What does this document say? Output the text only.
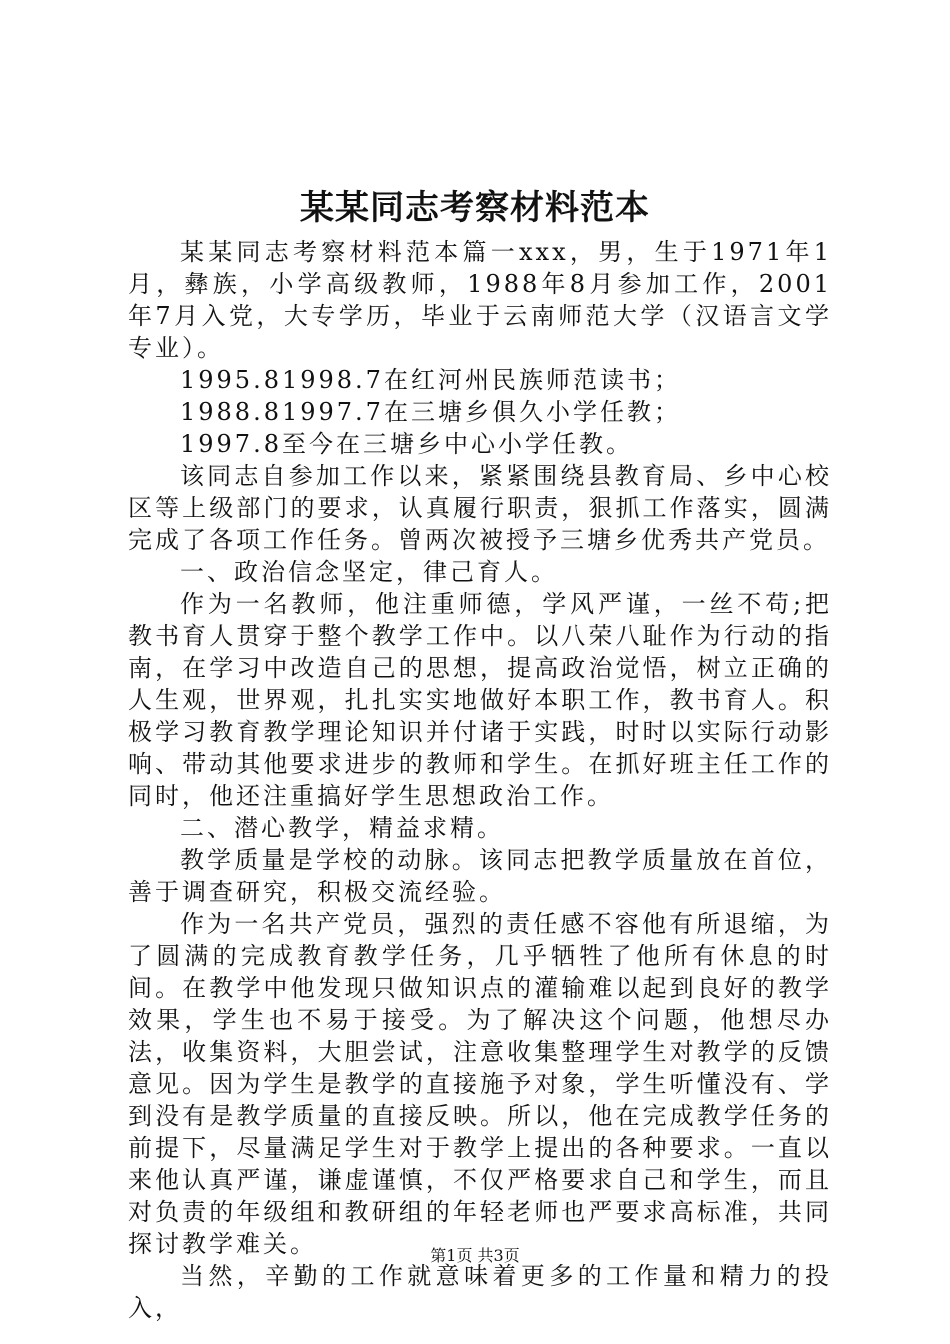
某某同志考察材料范本

某某同志考察材料范本篇一xxx，男，生于1971年1月，彝族，小学高级教师，1988年8月参加工作，2001年7月入党，大专学历，毕业于云南师范大学（汉语言文学专业）。

1995.81998.7在红河州民族师范读书；

1988.81997.7在三塘乡俱久小学任教；

1997.8至今在三塘乡中心小学任教。

该同志自参加工作以来，紧紧围绕县教育局、乡中心校区等上级部门的要求，认真履行职责，狠抓工作落实，圆满完成了各项工作任务。曾两次被授予三塘乡优秀共产党员。

一、政治信念坚定，律己育人。

作为一名教师，他注重师德，学风严谨，一丝不苟;把教书育人贯穿于整个教学工作中。以八荣八耻作为行动的指南，在学习中改造自己的思想，提高政治觉悟，树立正确的人生观，世界观，扎扎实实地做好本职工作，教书育人。积极学习教育教学理论知识并付诸于实践，时时以实际行动影响、带动其他要求进步的教师和学生。在抓好班主任工作的同时，他还注重搞好学生思想政治工作。

二、潜心教学，精益求精。

教学质量是学校的动脉。该同志把教学质量放在首位，善于调查研究，积极交流经验。

作为一名共产党员，强烈的责任感不容他有所退缩，为了圆满的完成教育教学任务，几乎牺牲了他所有休息的时间。在教学中他发现只做知识点的灌输难以起到良好的教学效果，学生也不易于接受。为了解决这个问题，他想尽办法，收集资料，大胆尝试，注意收集整理学生对教学的反馈意见。因为学生是教学的直接施予对象，学生听懂没有、学到没有是教学质量的直接反映。所以，他在完成教学任务的前提下，尽量满足学生对于教学上提出的各种要求。一直以来他认真严谨，谦虚谨慎，不仅严格要求自己和学生，而且对负责的年级组和教研组的年轻老师也严要求高标准，共同探讨教学难关。

当然，辛勤的工作就意味着更多的工作量和精力的投入，

第1页 共3页
